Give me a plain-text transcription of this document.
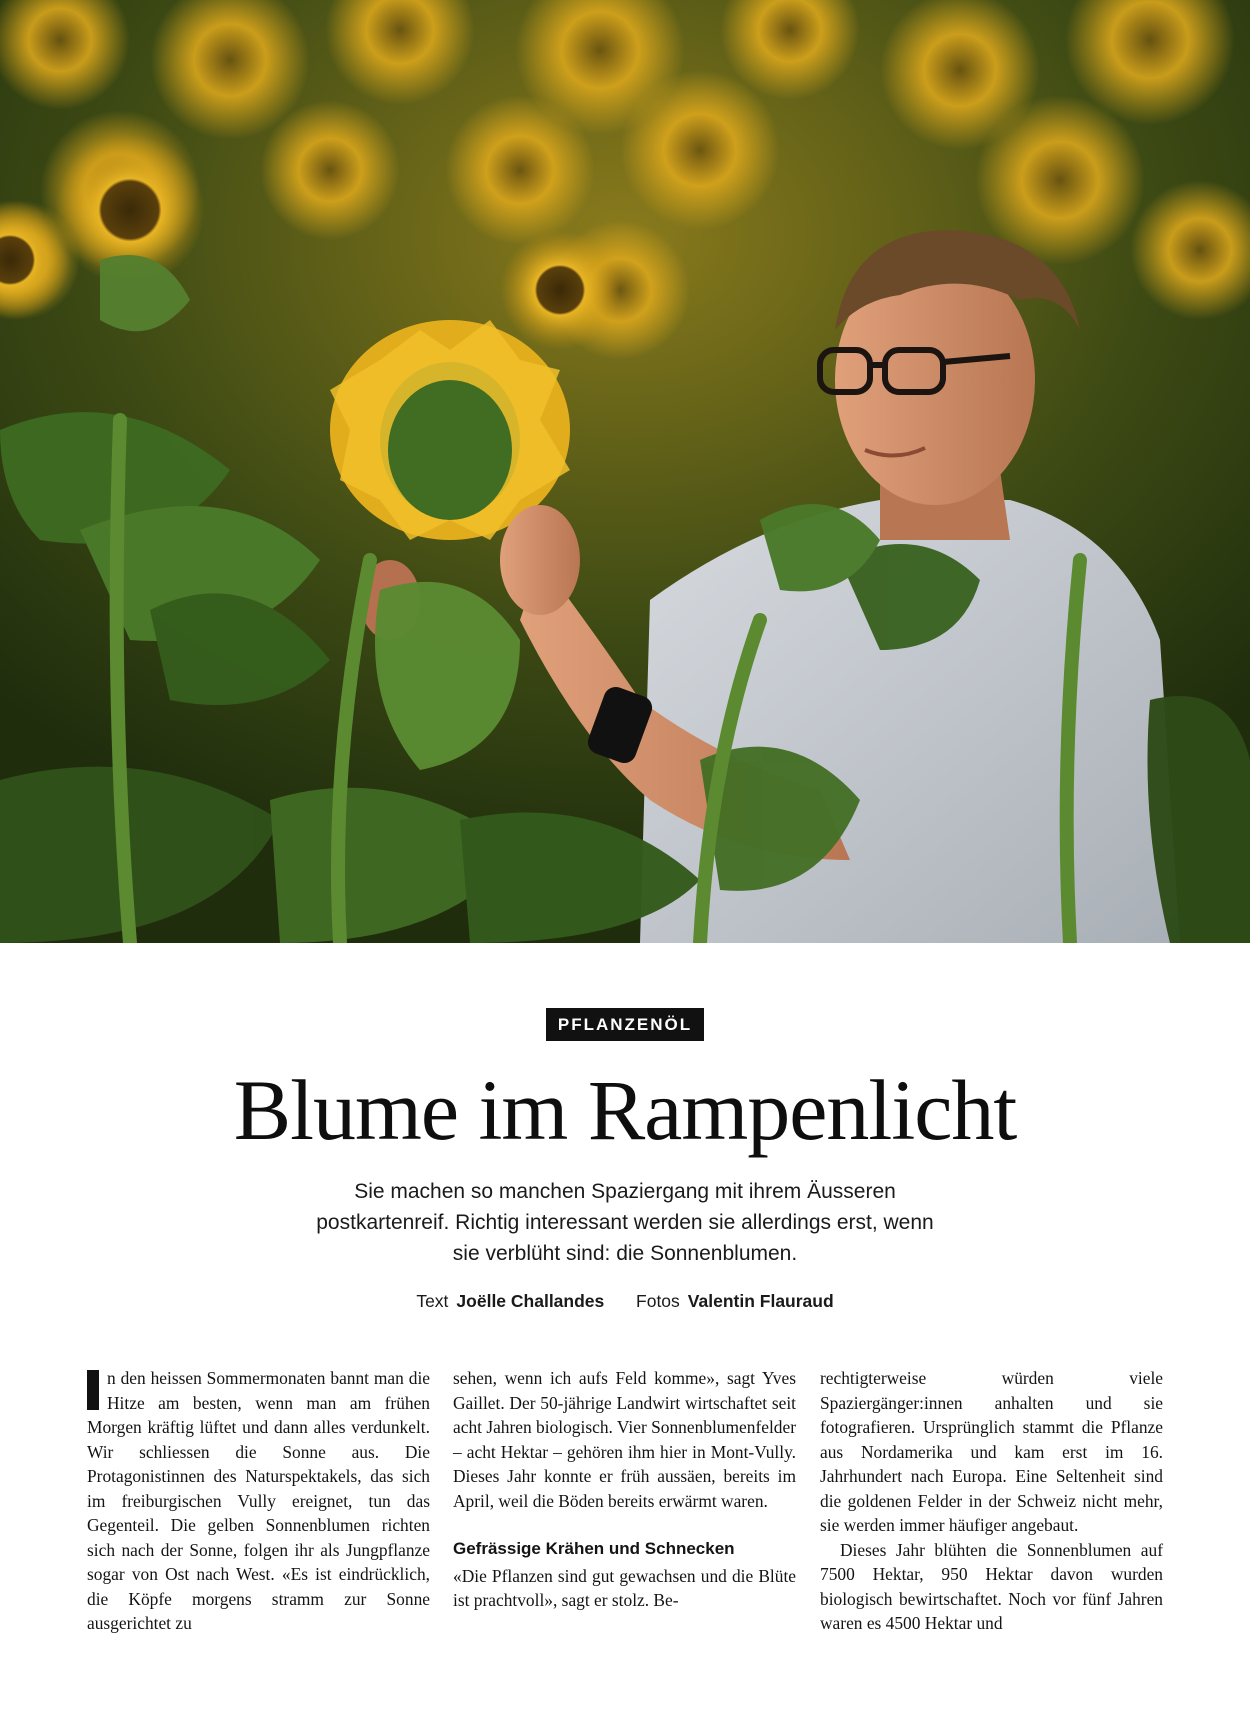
PFLANZENÖL
Blume im Rampenlicht
Sie machen so manchen Spaziergang mit ihrem Äusseren postkartenreif. Richtig interessant werden sie allerdings erst, wenn sie verblüht sind: die Sonnenblumen.
Text Joëlle Challandes Fotos Valentin Flauraud

n den heissen Sommermonaten bannt man die Hitze am besten, wenn man am frühen Morgen kräftig lüftet und dann alles verdunkelt. Wir schliessen die Sonne aus. Die Protagonistinnen des Naturspektakels, das sich im freiburgischen Vully ereignet, tun das Gegenteil. Die gelben Sonnenblumen richten sich nach der Sonne, folgen ihr als Jungpflanze sogar von Ost nach West. «Es ist eindrücklich, die Köpfe morgens stramm zur Sonne ausgerichtet zu

sehen, wenn ich aufs Feld komme», sagt Yves Gaillet. Der 50-jährige Landwirt wirtschaftet seit acht Jahren biologisch. Vier Sonnenblumenfelder – acht Hektar – gehören ihm hier in Mont-Vully. Dieses Jahr konnte er früh aussäen, bereits im April, weil die Böden bereits erwärmt waren.

Gefrässige Krähen und Schnecken

«Die Pflanzen sind gut gewachsen und die Blüte ist prachtvoll», sagt er stolz. Be-

rechtigterweise würden viele Spaziergänger:innen anhalten und sie fotografieren. Ursprünglich stammt die Pflanze aus Nordamerika und kam erst im 16. Jahrhundert nach Europa. Eine Seltenheit sind die goldenen Felder in der Schweiz nicht mehr, sie werden immer häufiger angebaut.

Dieses Jahr blühten die Sonnenblumen auf 7500 Hektar, 950 Hektar davon wurden biologisch bewirtschaftet. Noch vor fünf Jahren waren es 4500 Hektar und
